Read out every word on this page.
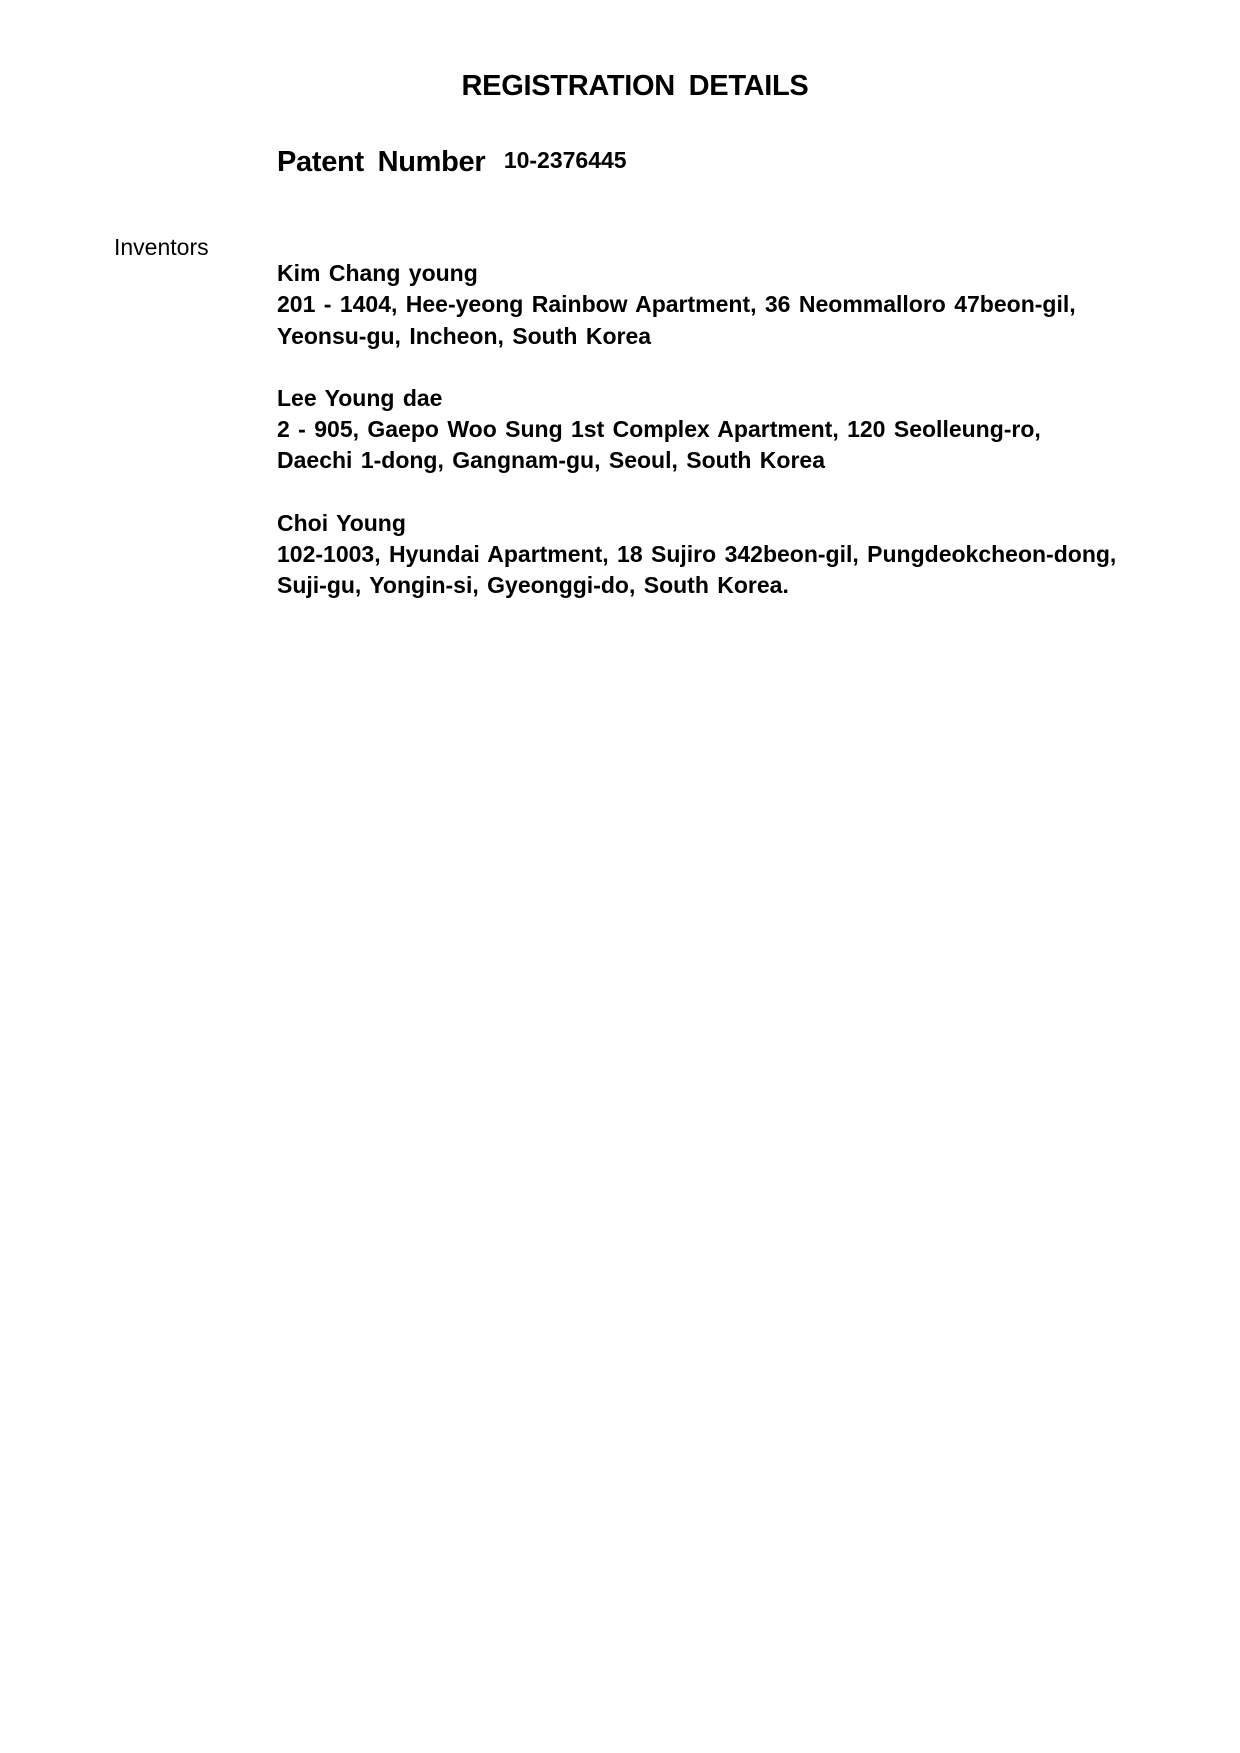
REGISTRATION DETAILS
Patent Number 10-2376445
Inventors
Kim Chang young
201 - 1404, Hee-yeong Rainbow Apartment, 36 Neommalloro 47beon-gil,
Yeonsu-gu, Incheon, South Korea
Lee Young dae
2 - 905, Gaepo Woo Sung 1st Complex Apartment, 120 Seolleung-ro,
Daechi 1-dong, Gangnam-gu, Seoul, South Korea
Choi Young
102-1003, Hyundai Apartment, 18 Sujiro 342beon-gil, Pungdeokcheon-dong,
Suji-gu, Yongin-si, Gyeonggi-do, South Korea.
